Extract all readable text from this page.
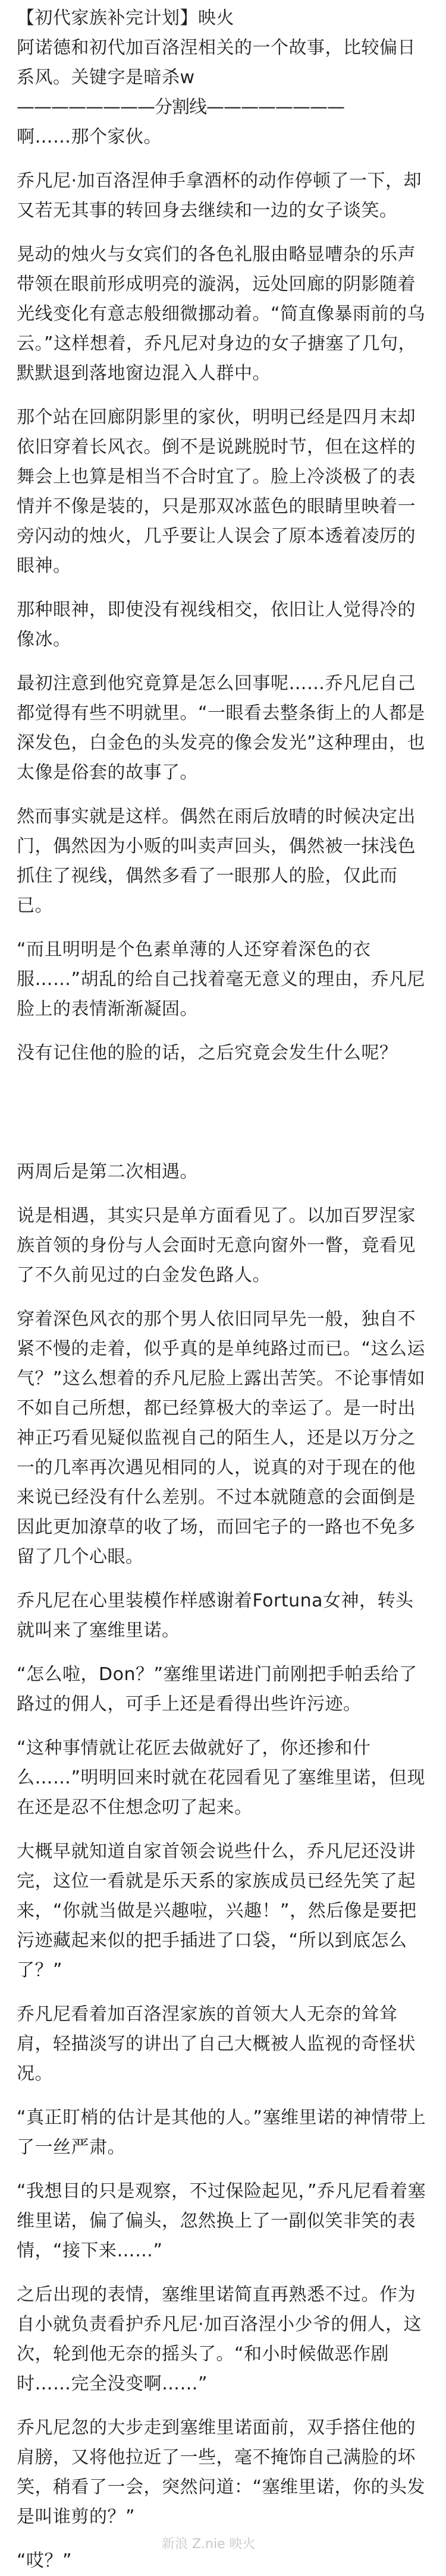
【初代家族补完计划】映火

阿诺德和初代加百洛涅相关的一个故事，比较偏日系风。关键字是暗杀w

————————分割线————————

啊……那个家伙。

乔凡尼·加百洛涅伸手拿酒杯的动作停顿了一下，却又若无其事的转回身去继续和一边的女子谈笑。

晃动的烛火与女宾们的各色礼服由略显嘈杂的乐声带领在眼前形成明亮的漩涡，远处回廊的阴影随着光线变化有意志般细微挪动着。“简直像暴雨前的乌云。”这样想着，乔凡尼对身边的女子搪塞了几句，默默退到落地窗边混入人群中。

那个站在回廊阴影里的家伙，明明已经是四月末却依旧穿着长风衣。倒不是说跳脱时节，但在这样的舞会上也算是相当不合时宜了。脸上冷淡极了的表情并不像是装的，只是那双冰蓝色的眼睛里映着一旁闪动的烛火，几乎要让人误会了原本透着凌厉的眼神。

那种眼神，即使没有视线相交，依旧让人觉得冷的像冰。

最初注意到他究竟算是怎么回事呢……乔凡尼自己都觉得有些不明就里。“一眼看去整条街上的人都是深发色，白金色的头发亮的像会发光”这种理由，也太像是俗套的故事了。

然而事实就是这样。偶然在雨后放晴的时候决定出门，偶然因为小贩的叫卖声回头，偶然被一抹浅色抓住了视线，偶然多看了一眼那人的脸，仅此而已。

“而且明明是个色素单薄的人还穿着深色的衣服……”胡乱的给自己找着毫无意义的理由，乔凡尼脸上的表情渐渐凝固。

没有记住他的脸的话，之后究竟会发生什么呢？

两周后是第二次相遇。

说是相遇，其实只是单方面看见了。以加百罗涅家族首领的身份与人会面时无意向窗外一瞥，竟看见了不久前见过的白金发色路人。

穿着深色风衣的那个男人依旧同早先一般，独自不紧不慢的走着，似乎真的是单纯路过而已。“这么运气？”这么想着的乔凡尼脸上露出苦笑。不论事情如不如自己所想，都已经算极大的幸运了。是一时出神正巧看见疑似监视自己的陌生人，还是以万分之一的几率再次遇见相同的人，说真的对于现在的他来说已经没有什么差别。不过本就随意的会面倒是因此更加潦草的收了场，而回宅子的一路也不免多留了几个心眼。

乔凡尼在心里装模作样感谢着Fortuna女神，转头就叫来了塞维里诺。

“怎么啦，Don？”塞维里诺进门前刚把手帕丢给了路过的佣人，可手上还是看得出些许污迹。

“这种事情就让花匠去做就好了，你还掺和什么……”明明回来时就在花园看见了塞维里诺，但现在还是忍不住想念叨了起来。

大概早就知道自家首领会说些什么，乔凡尼还没讲完，这位一看就是乐天系的家族成员已经先笑了起来，“你就当做是兴趣啦，兴趣！”，然后像是要把污迹藏起来似的把手插进了口袋，“所以到底怎么了？”

乔凡尼看着加百洛涅家族的首领大人无奈的耸耸肩，轻描淡写的讲出了自己大概被人监视的奇怪状况。

“真正盯梢的估计是其他的人。”塞维里诺的神情带上了一丝严肃。

“我想目的只是观察，不过保险起见，”乔凡尼看着塞维里诺，偏了偏头，忽然换上了一副似笑非笑的表情，“接下来……”

之后出现的表情，塞维里诺简直再熟悉不过。作为自小就负责看护乔凡尼·加百洛涅小少爷的佣人，这次，轮到他无奈的摇头了。“和小时候做恶作剧时……完全没变啊……”

乔凡尼忽的大步走到塞维里诺面前，双手搭住他的肩膀，又将他拉近了一些，毫不掩饰自己满脸的坏笑，稍看了一会，突然问道：“塞维里诺，你的头发是叫谁剪的？”

“哎？”

新浪 Z.nie 映火
